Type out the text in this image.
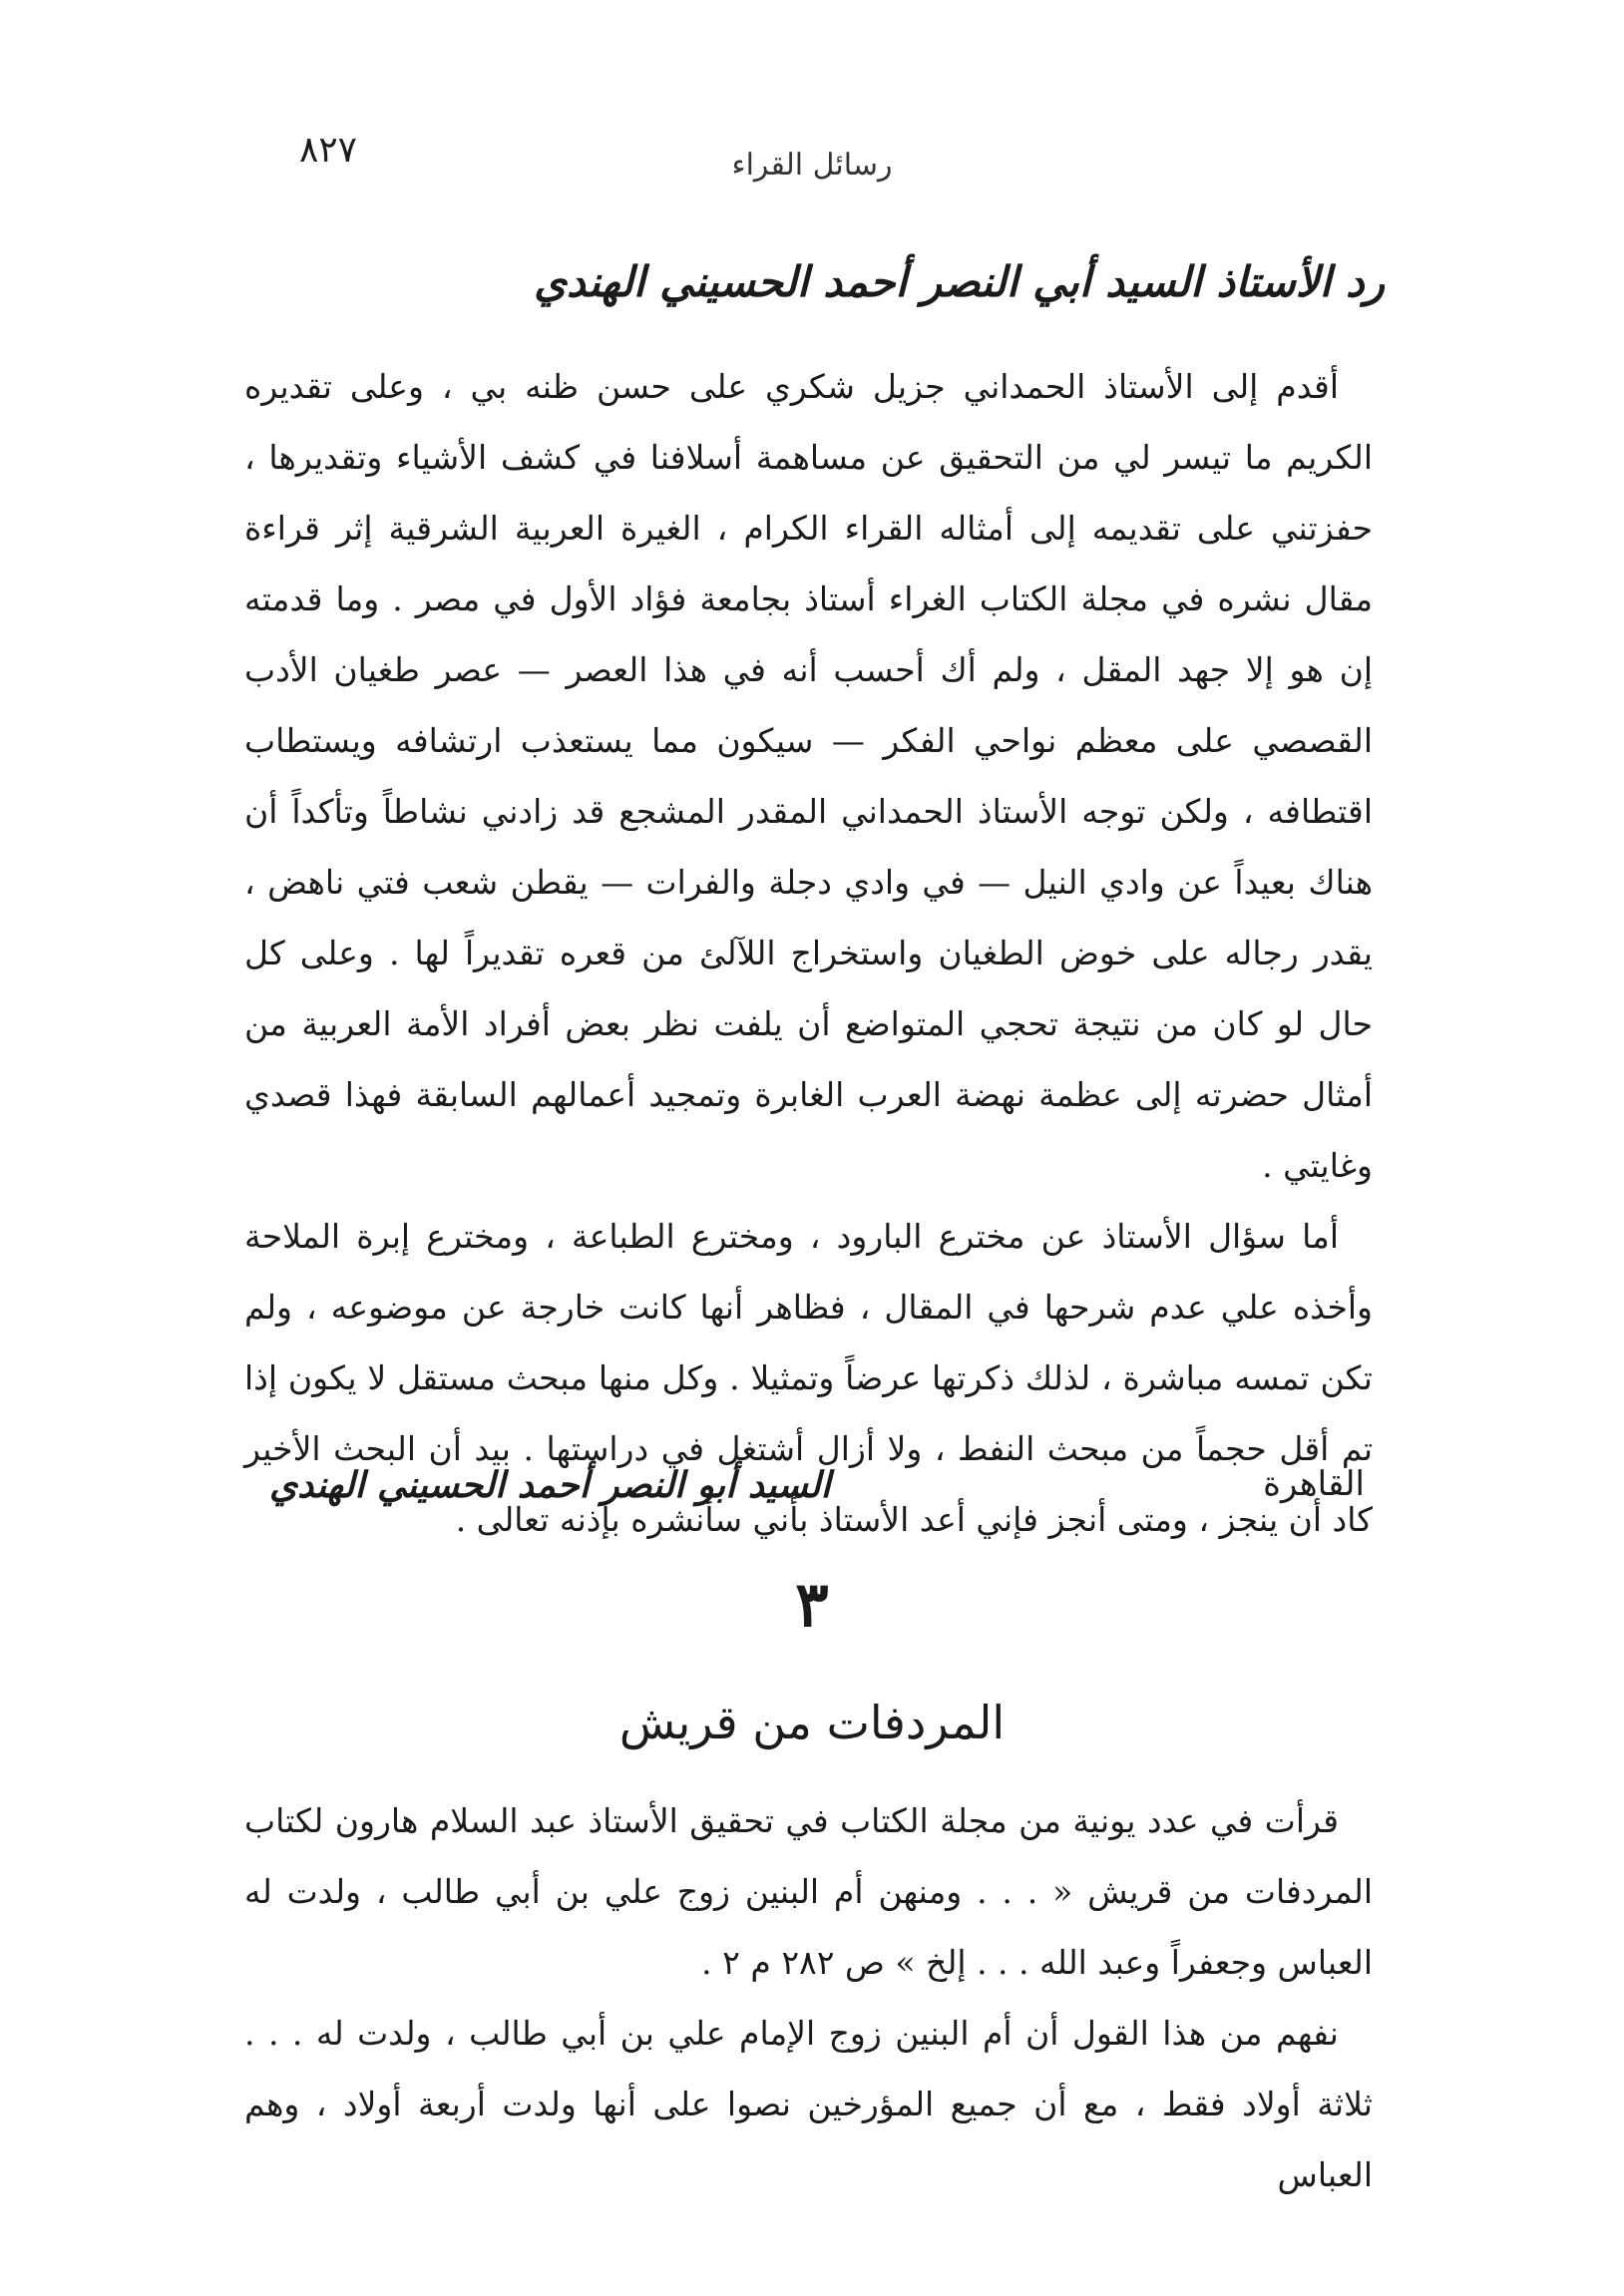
٨٢٧	رسائل القراء
رد الأستاذ السيد أبي النصر أحمد الحسيني الهندي

أقدم إلى الأستاذ الحمداني جزيل شكري على حسن ظنه بي ، وعلى تقديره الكريم ما تيسر لي من التحقيق عن مساهمة أسلافنا في كشف الأشياء وتقديرها ، حفزتني على تقديمه إلى أمثاله القراء الكرام ، الغيرة العربية الشرقية إثر قراءة مقال نشره في مجلة الكتاب الغراء أستاذ بجامعة فؤاد الأول في مصر . وما قدمته إن هو إلا جهد المقل ، ولم أك أحسب أنه في هذا العصر — عصر طغيان الأدب القصصي على معظم نواحي الفكر — سيكون مما يستعذب ارتشافه ويستطاب اقتطافه ، ولكن توجه الأستاذ الحمداني المقدر المشجع قد زادني نشاطاً وتأكداً أن هناك بعيداً عن وادي النيل — في وادي دجلة والفرات — يقطن شعب فتي ناهض ، يقدر رجاله على خوض الطغيان واستخراج اللآلئ من قعره تقديراً لها . وعلى كل حال لو كان من نتيجة تحجي المتواضع أن يلفت نظر بعض أفراد الأمة العربية من أمثال حضرته إلى عظمة نهضة العرب الغابرة وتمجيد أعمالهم السابقة فهذا قصدي وغايتي .

أما سؤال الأستاذ عن مخترع البارود ، ومخترع الطباعة ، ومخترع إبرة الملاحة وأخذه علي عدم شرحها في المقال ، فظاهر أنها كانت خارجة عن موضوعه ، ولم تكن تمسه مباشرة ، لذلك ذكرتها عرضاً وتمثيلا . وكل منها مبحث مستقل لا يكون إذا تم أقل حجماً من مبحث النفط ، ولا أزال أشتغل في دراستها . بيد أن البحث الأخير كاد أن ينجز ، ومتى أنجز فإني أعد الأستاذ بأني سأنشره بإذنه تعالى .

القاهرة
السيد أبو النصر أحمد الحسيني الهندي
٣
المردفات من قريش

قرأت في عدد يونية من مجلة الكتاب في تحقيق الأستاذ عبد السلام هارون لكتاب المردفات من قريش « . . . ومنهن أم البنين زوج علي بن أبي طالب ، ولدت له العباس وجعفراً وعبد الله . . . إلخ » ص ٢٨٢ م ٢ .

نفهم من هذا القول أن أم البنين زوج الإمام علي بن أبي طالب ، ولدت له . . . ثلاثة أولاد فقط ، مع أن جميع المؤرخين نصوا على أنها ولدت أربعة أولاد ، وهم العباس
